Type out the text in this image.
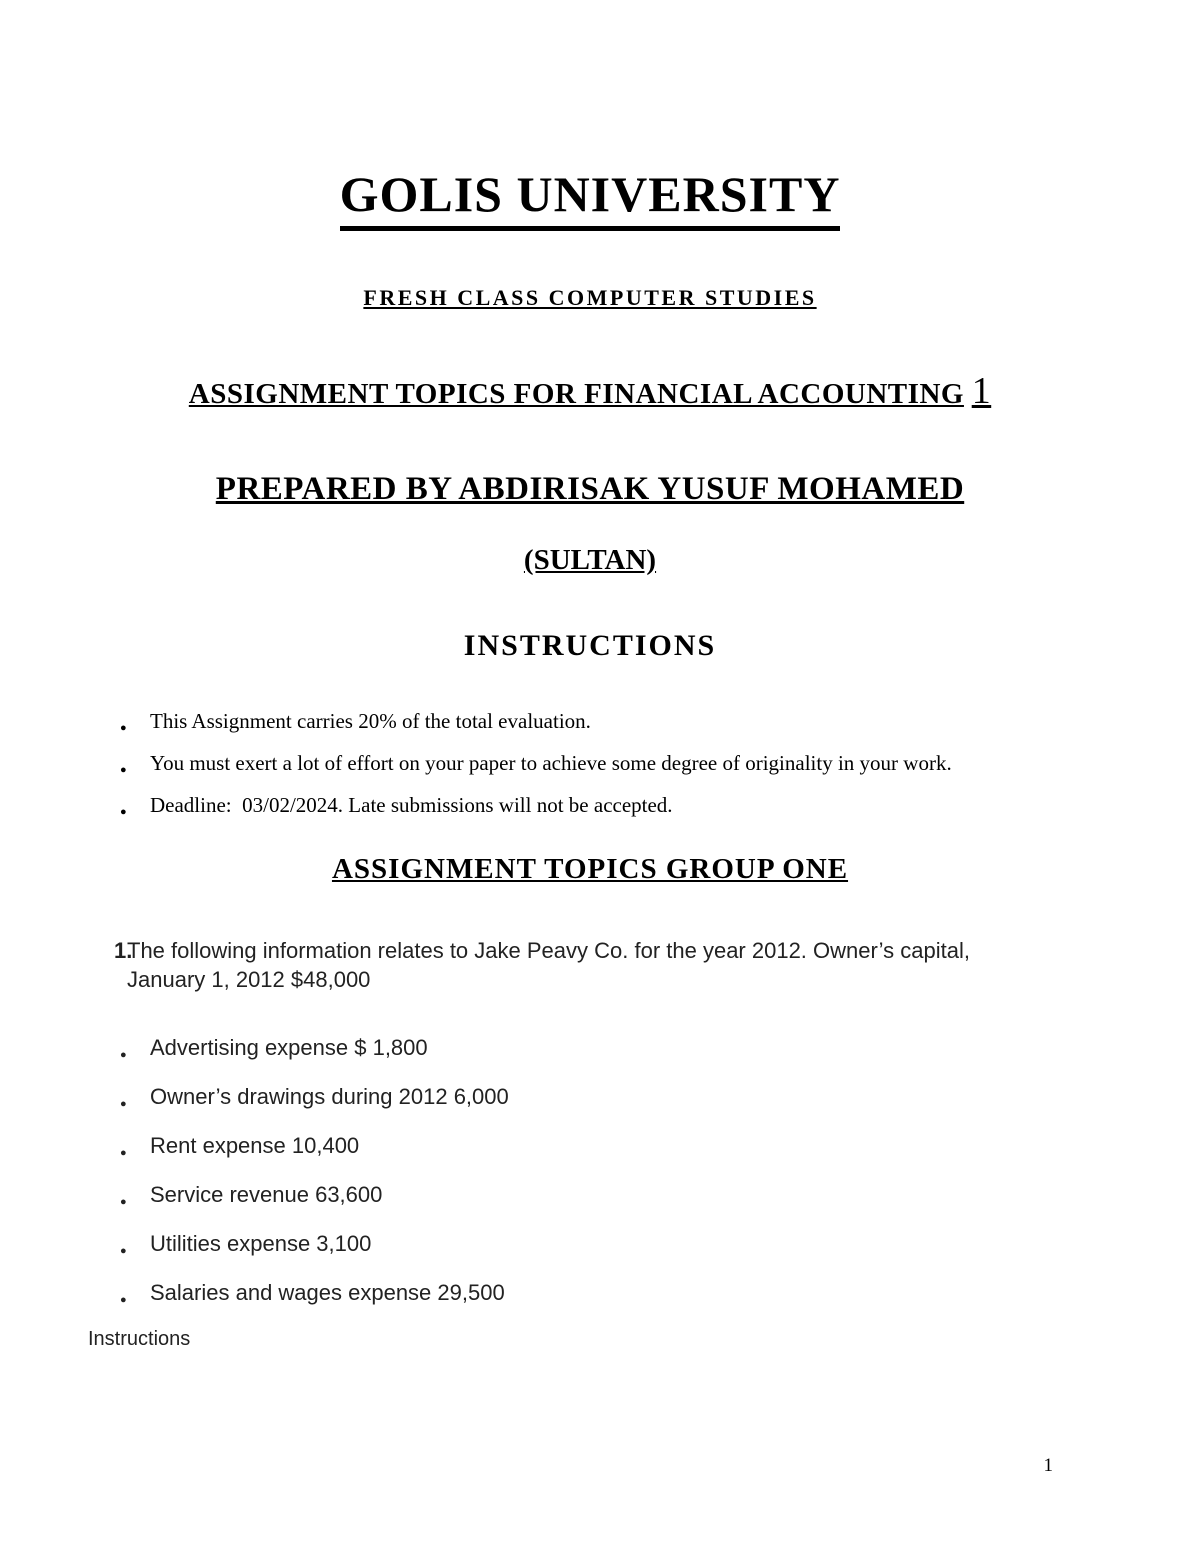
GOLIS UNIVERSITY
FRESH CLASS COMPUTER STUDIES
ASSIGNMENT TOPICS FOR FINANCIAL ACCOUNTING 1
PREPARED BY ABDIRISAK YUSUF MOHAMED
(SULTAN)
INSTRUCTIONS
● This Assignment carries 20% of the total evaluation.
● You must exert a lot of effort on your paper to achieve some degree of originality in your work.
● Deadline:  03/02/2024. Late submissions will not be accepted.
ASSIGNMENT TOPICS GROUP ONE
1.
The following information relates to Jake Peavy Co. for the year 2012. Owner’s capital, January 1, 2012 $48,000
● Advertising expense $ 1,800
● Owner’s drawings during 2012 6,000
● Rent expense 10,400
● Service revenue 63,600
● Utilities expense 3,100
● Salaries and wages expense 29,500
Instructions
1
